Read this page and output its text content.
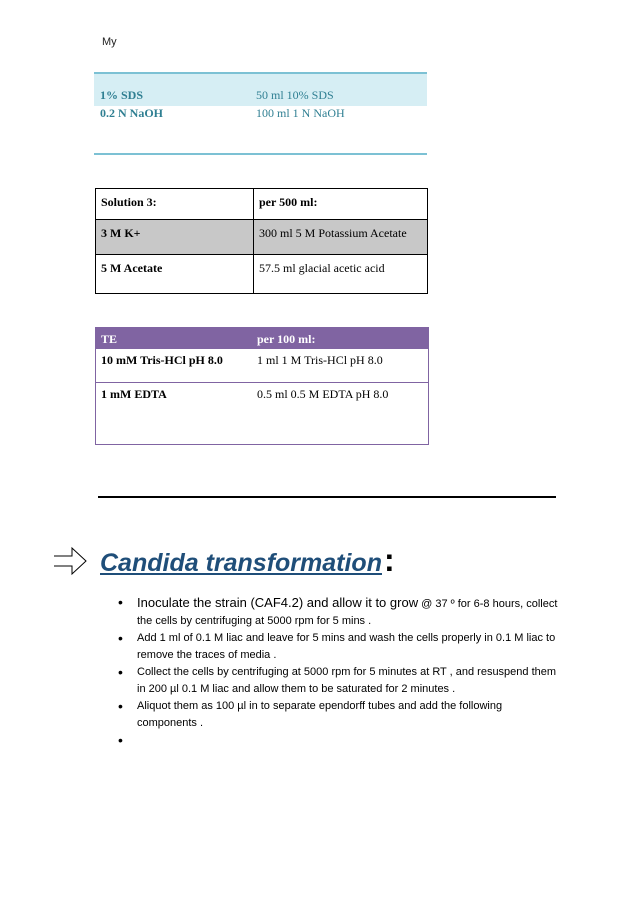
My
1% SDS	50 ml 10% SDS
0.2 N NaOH	100 ml 1 N NaOH
Solution 3:	per 500 ml:
3 M K+	300 ml 5 M Potassium Acetate
5 M Acetate	57.5 ml glacial acetic acid
TE	per 100 ml:
10 mM Tris-HCl pH 8.0	1 ml 1 M Tris-HCl pH 8.0
1 mM EDTA	0.5 ml 0.5 M EDTA pH 8.0
Candida transformation:
• Inoculate the strain (CAF4.2) and allow it to grow @ 37 º for 6-8 hours, collect the cells by centrifuging at 5000 rpm for 5 mins .
• Add 1 ml of 0.1 M liac and leave for 5 mins and wash the cells properly in 0.1 M liac to remove the traces of media .
• Collect the cells by centrifuging at 5000 rpm for 5 minutes at RT , and resuspend them in 200 µl 0.1 M liac and allow them to be saturated for 2 minutes .
• Aliquot them as 100 µl in to separate ependorff tubes and add the following components .
•
